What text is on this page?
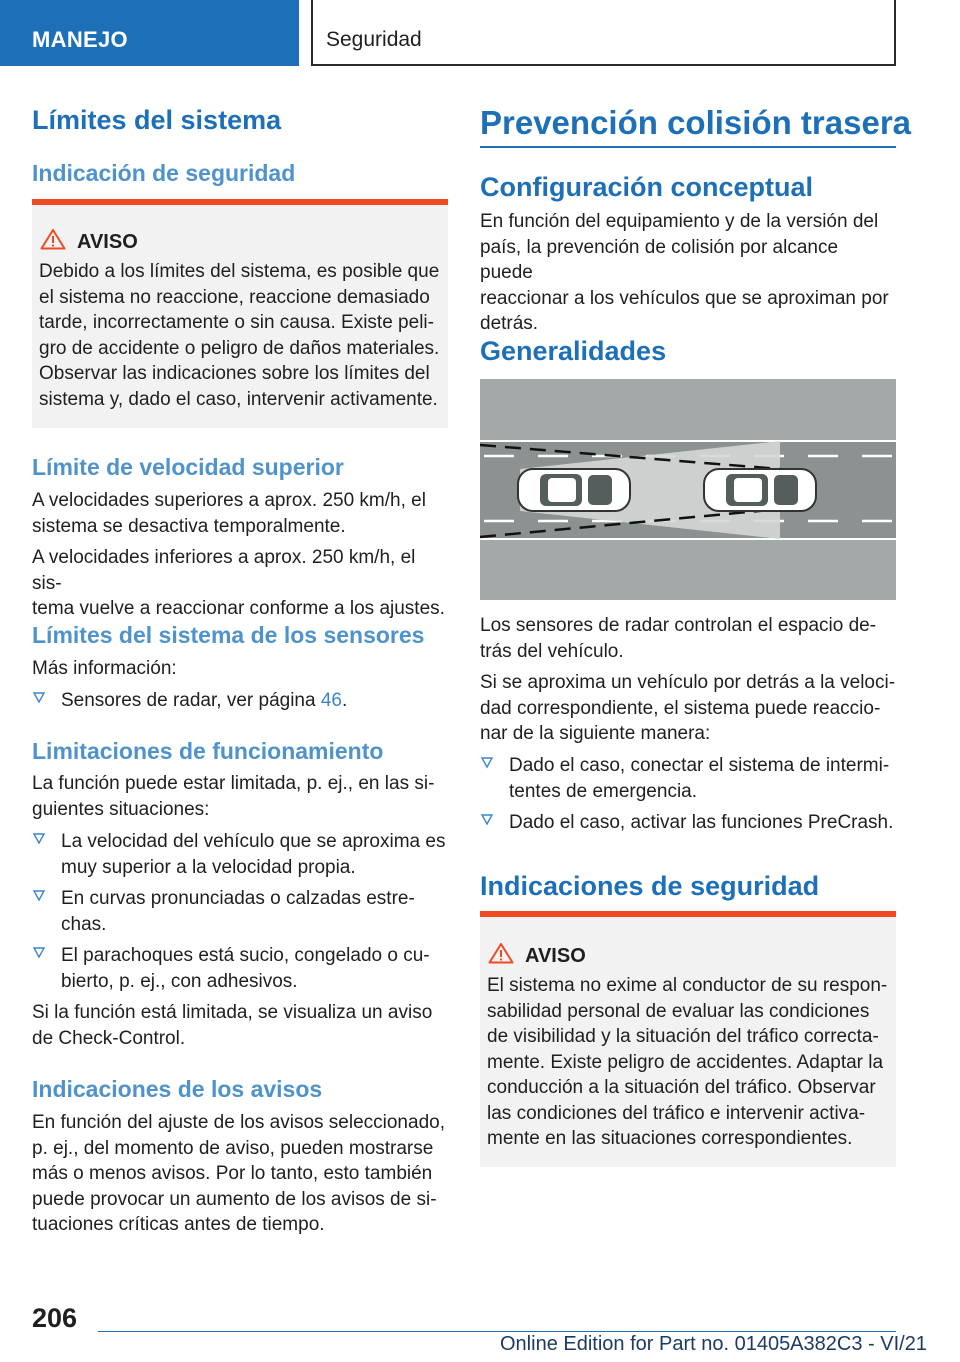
MANEJO	Seguridad
Límites del sistema
Indicación de seguridad
AVISO
Debido a los límites del sistema, es posible que
el sistema no reaccione, reaccione demasiado
tarde, incorrectamente o sin causa. Existe peli-
gro de accidente o peligro de daños materiales.
Observar las indicaciones sobre los límites del
sistema y, dado el caso, intervenir activamente.
Límite de velocidad superior
A velocidades superiores a aprox. 250 km/h, el
sistema se desactiva temporalmente.
A velocidades inferiores a aprox. 250 km/h, el sis-
tema vuelve a reaccionar conforme a los ajustes.
Límites del sistema de los sensores
Más información:
Sensores de radar, ver página 46.
Limitaciones de funcionamiento
La función puede estar limitada, p. ej., en las si-
guientes situaciones:
La velocidad del vehículo que se aproxima es
muy superior a la velocidad propia.
En curvas pronunciadas o calzadas estre-
chas.
El parachoques está sucio, congelado o cu-
bierto, p. ej., con adhesivos.
Si la función está limitada, se visualiza un aviso
de Check-Control.
Indicaciones de los avisos
En función del ajuste de los avisos seleccionado,
p. ej., del momento de aviso, pueden mostrarse
más o menos avisos. Por lo tanto, esto también
puede provocar un aumento de los avisos de si-
tuaciones críticas antes de tiempo.
Prevención colisión trasera
Configuración conceptual
En función del equipamiento y de la versión del
país, la prevención de colisión por alcance puede
reaccionar a los vehículos que se aproximan por
detrás.
Generalidades
Los sensores de radar controlan el espacio de-
trás del vehículo.
Si se aproxima un vehículo por detrás a la veloci-
dad correspondiente, el sistema puede reaccio-
nar de la siguiente manera:
Dado el caso, conectar el sistema de intermi-
tentes de emergencia.
Dado el caso, activar las funciones PreCrash.
Indicaciones de seguridad
AVISO
El sistema no exime al conductor de su respon-
sabilidad personal de evaluar las condiciones
de visibilidad y la situación del tráfico correcta-
mente. Existe peligro de accidentes. Adaptar la
conducción a la situación del tráfico. Observar
las condiciones del tráfico e intervenir activa-
mente en las situaciones correspondientes.
206
Online Edition for Part no. 01405A382C3 - VI/21
